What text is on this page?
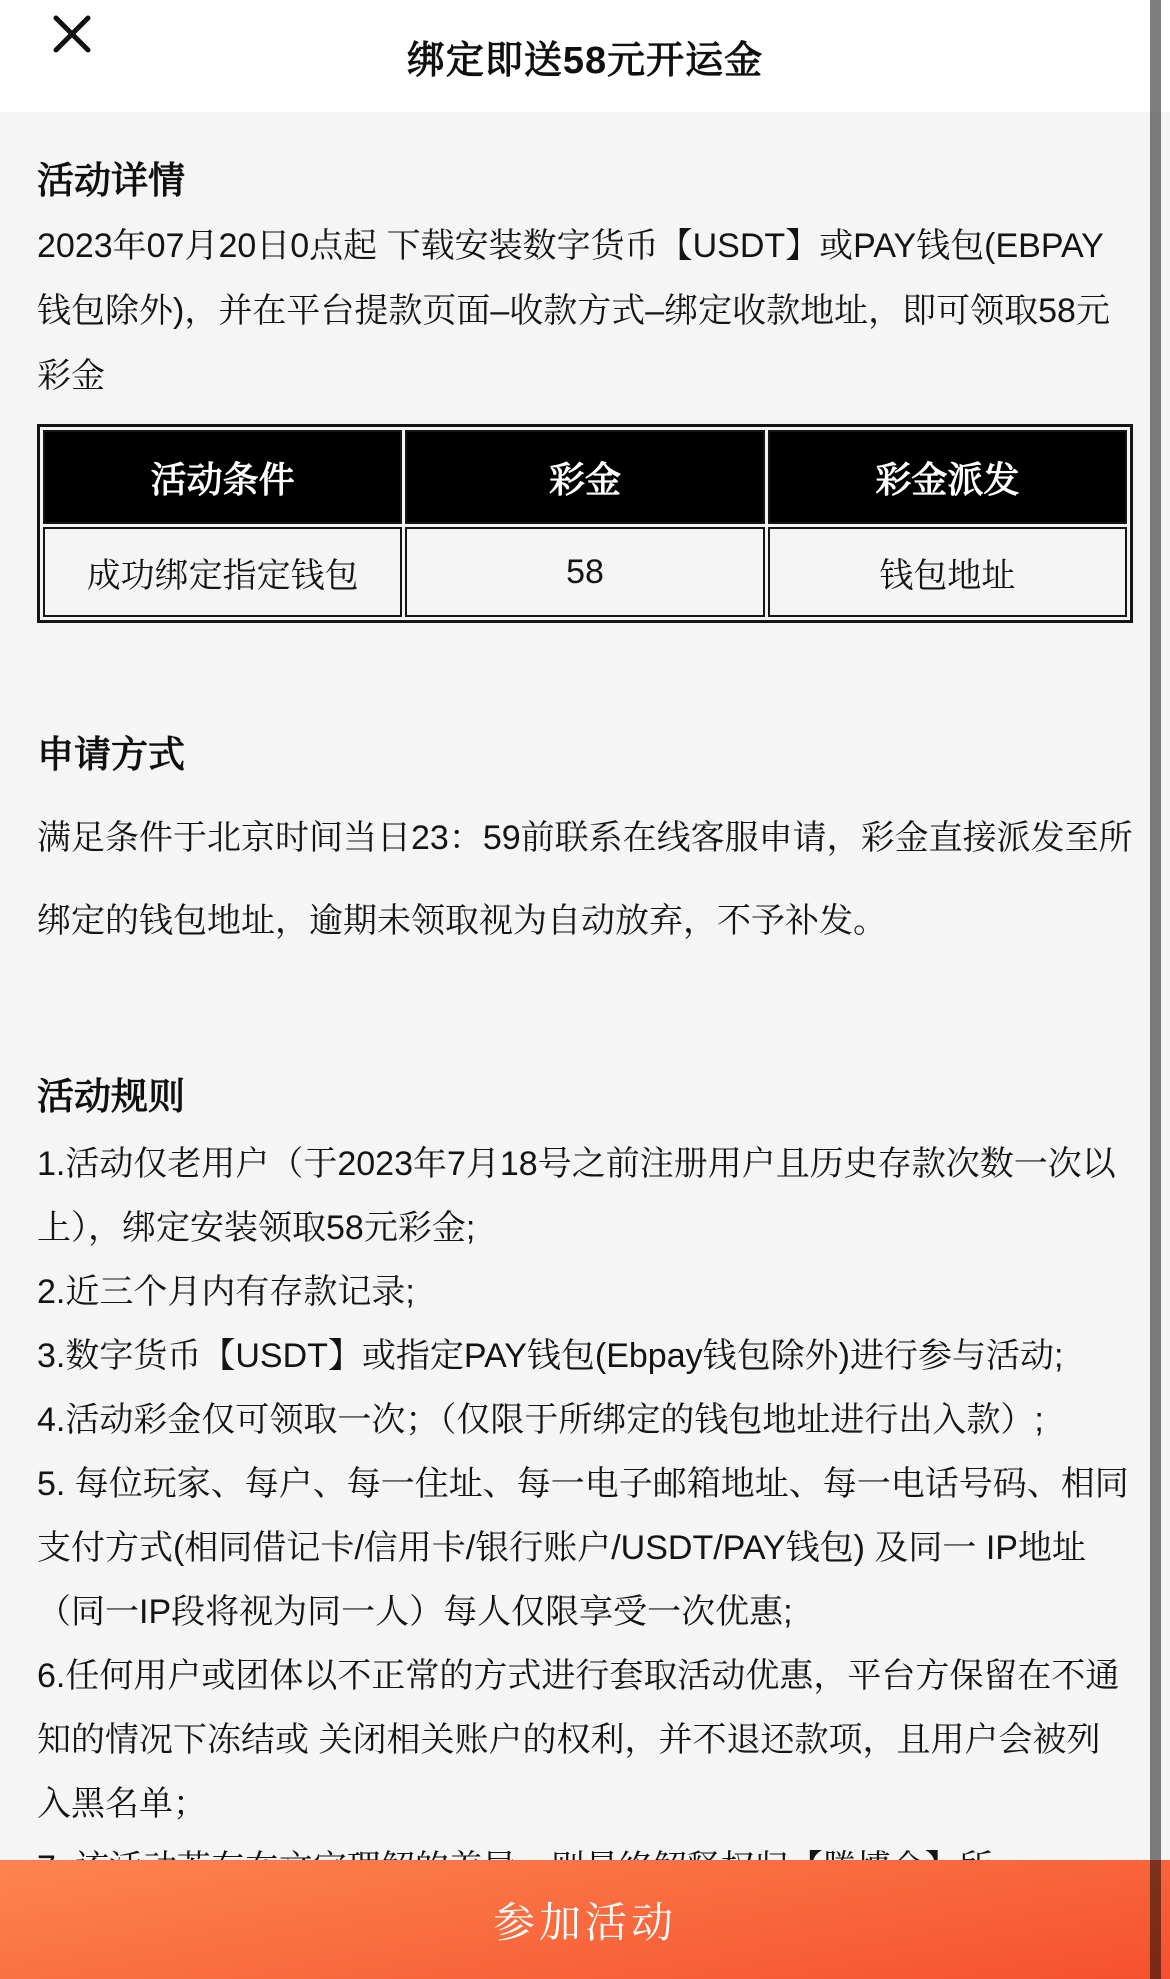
绑定即送58元开运金
活动详情

2023年07月20日0点起 下载安装数字货币【USDT】或PAY钱包(EBPAY钱包除外)，并在平台提款页面–收款方式–绑定收款地址，即可领取58元彩金

活动条件	彩金	彩金派发
成功绑定指定钱包	58	钱包地址
申请方式

满足条件于北京时间当日23：59前联系在线客服申请，彩金直接派发至所绑定的钱包地址，逾期未领取视为自动放弃，不予补发。

活动规则

1.活动仅老用户（于2023年7月18号之前注册用户且历史存款次数一次以上），绑定安装领取58元彩金;

2.近三个月内有存款记录;

3.数字货币【USDT】或指定PAY钱包(Ebpay钱包除外)进行参与活动;

4.活动彩金仅可领取一次；（仅限于所绑定的钱包地址进行出入款）;

5. 每位玩家、每户、每一住址、每一电子邮箱地址、每一电话号码、相同支付方式(相同借记卡/信用卡/银行账户/USDT/PAY钱包) 及同一 IP地址（同一IP段将视为同一人）每人仅限享受一次优惠;

6.任何用户或团体以不正常的方式进行套取活动优惠，平台方保留在不通知的情况下冻结或 关闭相关账户的权利，并不退还款项，且用户会被列入黑名单；

参加活动
